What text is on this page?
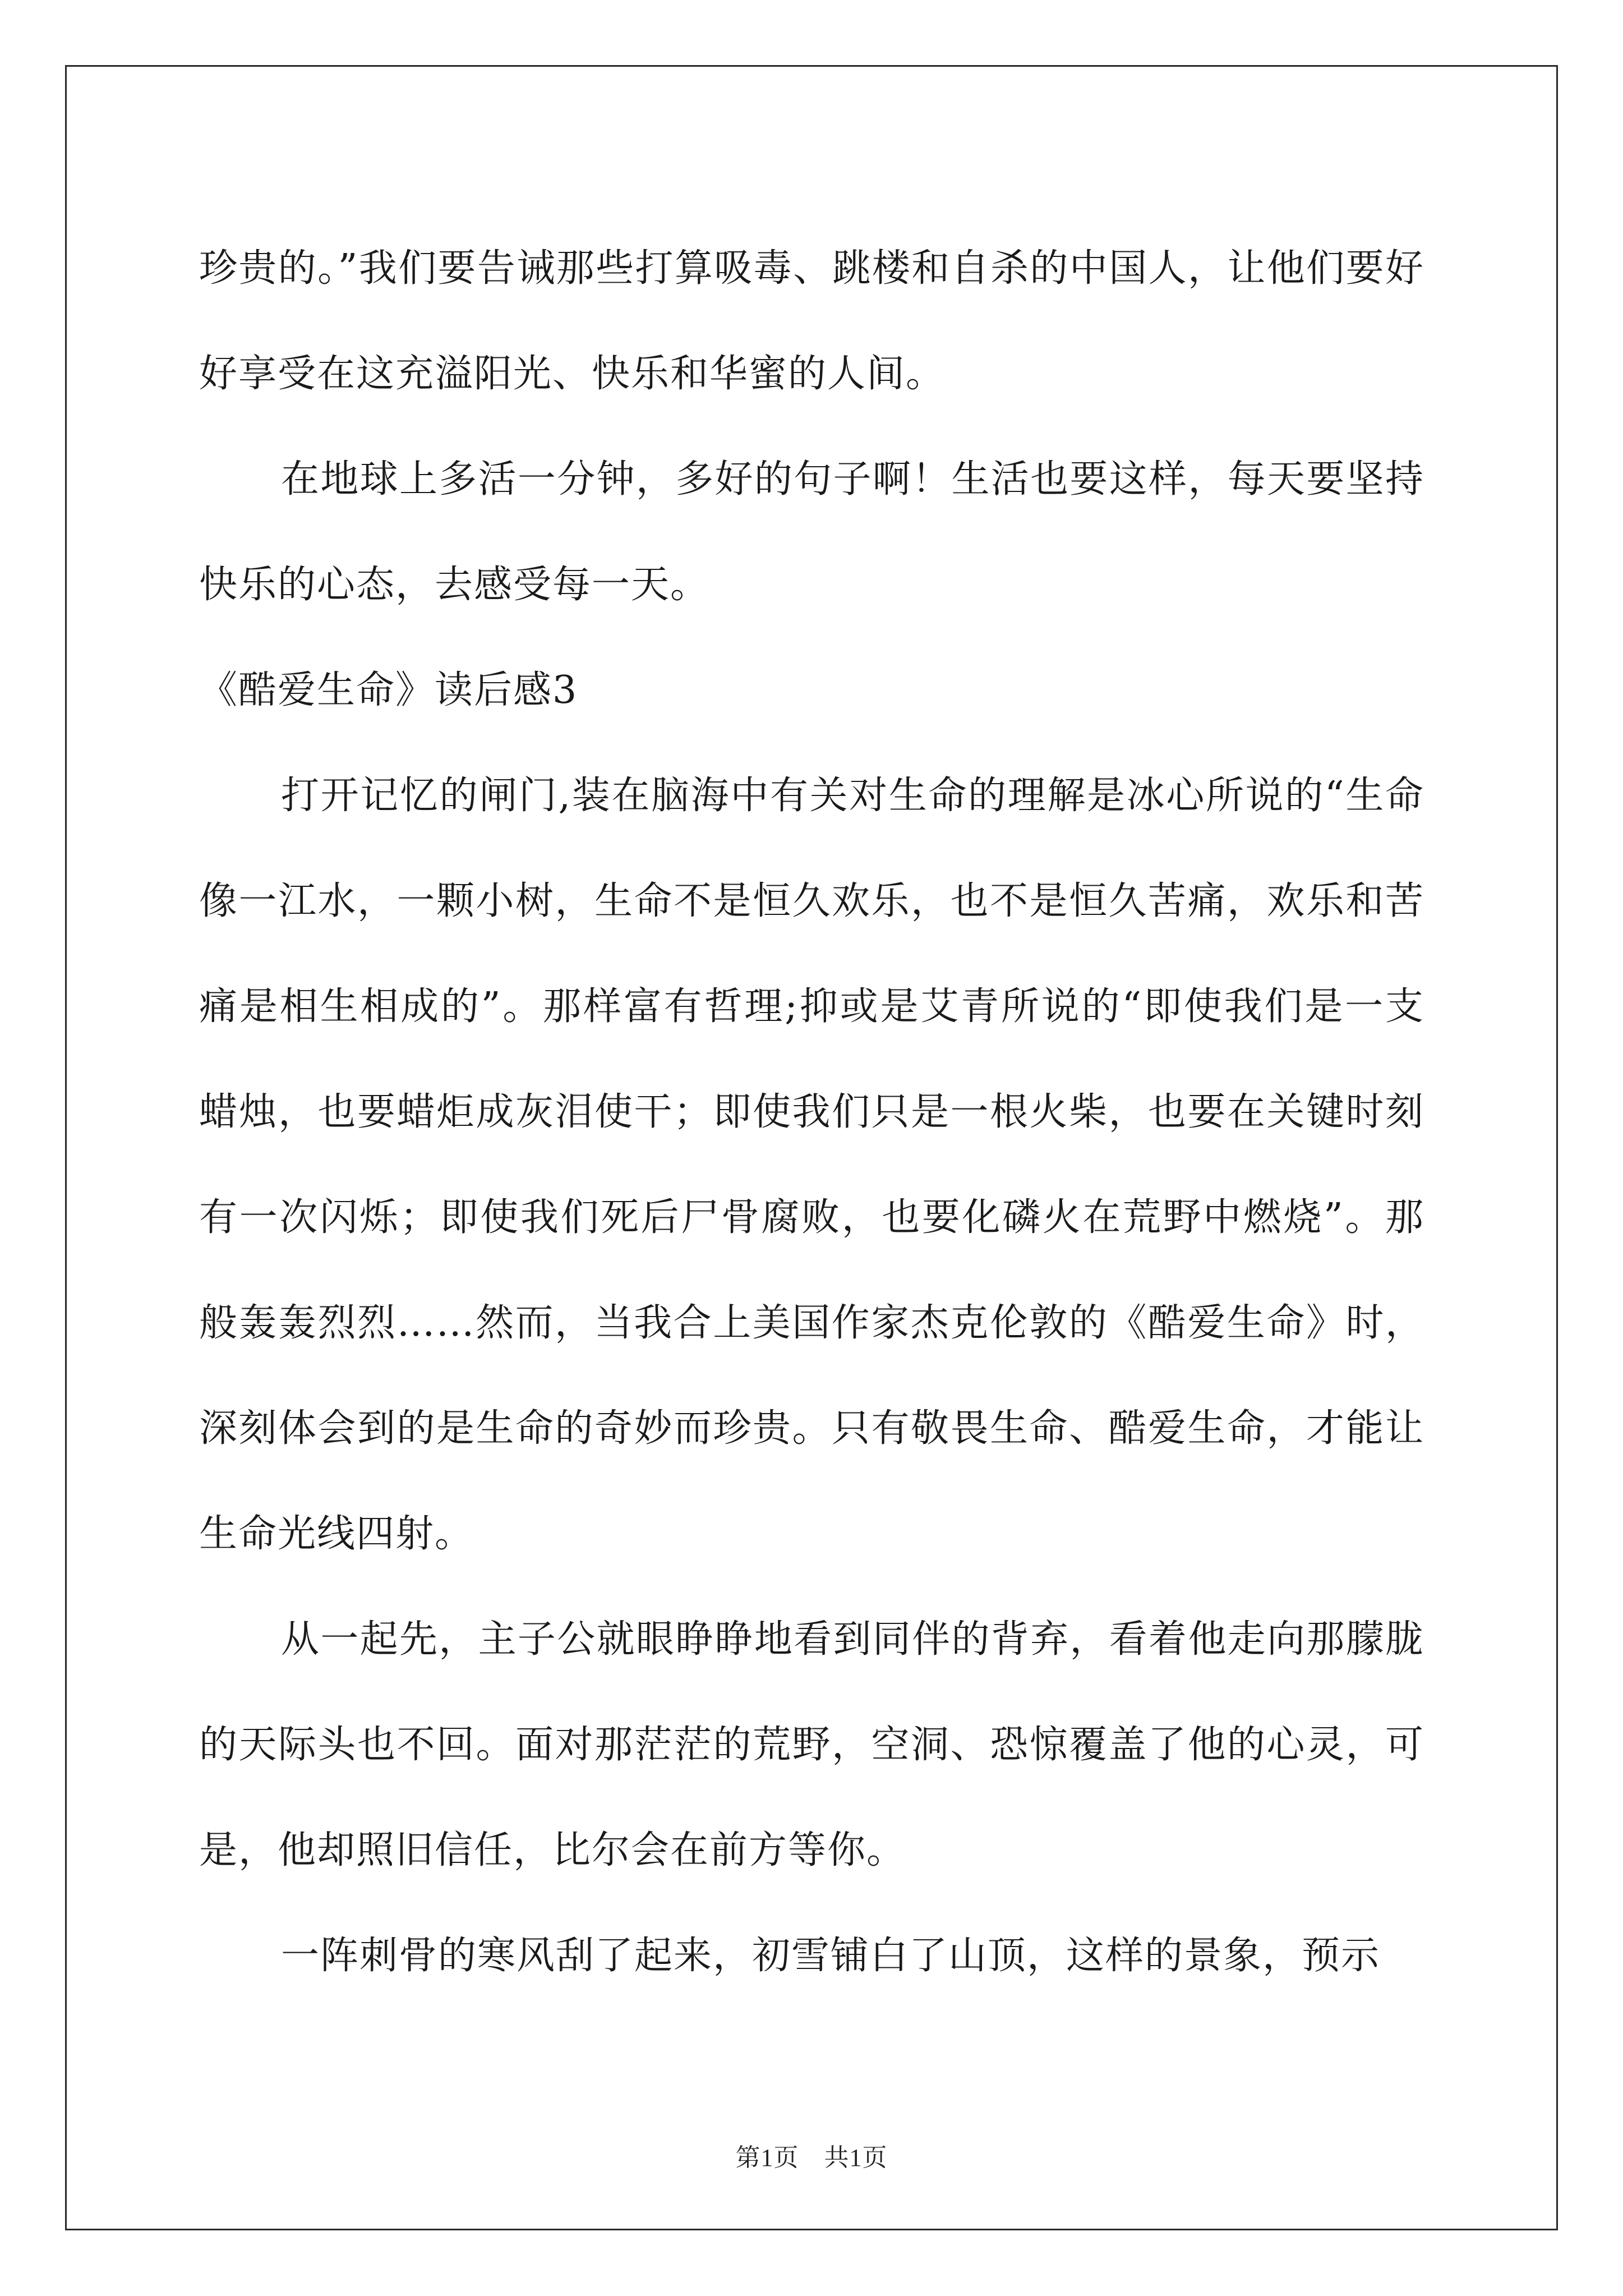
珍贵的。”我们要告诫那些打算吸毒、跳楼和自杀的中国人，让他们要好好享受在这充溢阳光、快乐和华蜜的人间。

在地球上多活一分钟，多好的句子啊！生活也要这样，每天要坚持快乐的心态，去感受每一天。

《酷爱生命》读后感3

打开记忆的闸门,装在脑海中有关对生命的理解是冰心所说的“生命像一江水，一颗小树，生命不是恒久欢乐，也不是恒久苦痛，欢乐和苦痛是相生相成的”。那样富有哲理;抑或是艾青所说的“即使我们是一支蜡烛，也要蜡炬成灰泪使干；即使我们只是一根火柴，也要在关键时刻有一次闪烁；即使我们死后尸骨腐败，也要化磷火在荒野中燃烧”。那般轰轰烈烈……然而，当我合上美国作家杰克伦敦的《酷爱生命》时，深刻体会到的是生命的奇妙而珍贵。只有敬畏生命、酷爱生命，才能让生命光线四射。

从一起先，主子公就眼睁睁地看到同伴的背弃，看着他走向那朦胧的天际头也不回。面对那茫茫的荒野，空洞、恐惊覆盖了他的心灵，可是，他却照旧信任，比尔会在前方等你。

一阵刺骨的寒风刮了起来，初雪铺白了山顶，这样的景象，预示

第1页　共1页
